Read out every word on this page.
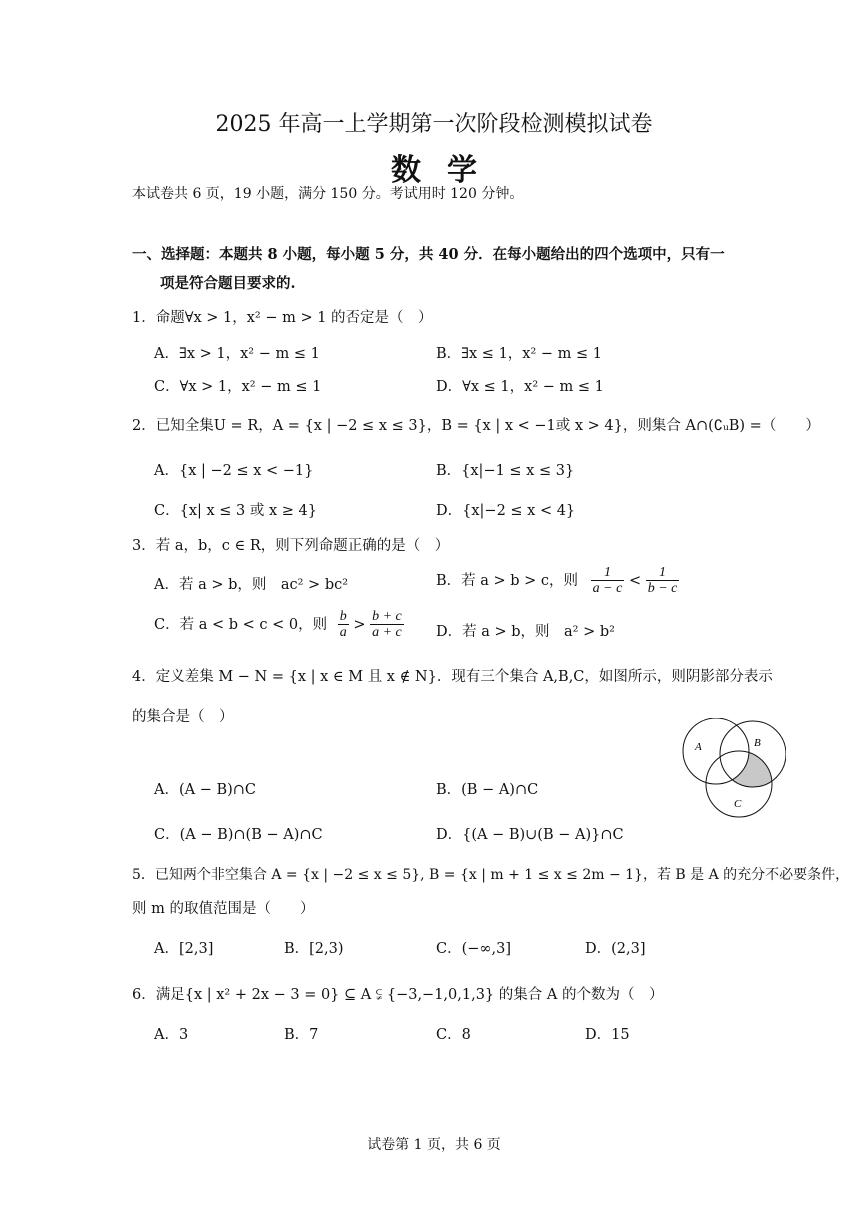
2025 年高一上学期第一次阶段检测模拟试卷
数学
本试卷共 6 页，19 小题，满分 150 分。考试用时 120 分钟。
一、选择题：本题共 8 小题，每小题 5 分，共 40 分．在每小题给出的四个选项中，只有一
项是符合题目要求的.
1．命题∀x > 1，x² − m > 1 的否定是（　）
A．∃x > 1，x² − m ≤ 1	B．∃x ≤ 1，x² − m ≤ 1
C．∀x > 1，x² − m ≤ 1	D．∀x ≤ 1，x² − m ≤ 1
2．已知全集U = R，A = {x | −2 ≤ x ≤ 3}，B = {x | x < −1或 x > 4}，则集合 A∩(∁ᵤB) =（　　）
A．{x | −2 ≤ x < −1}	B．{x|−1 ≤ x ≤ 3}
C．{x| x ≤ 3 或 x ≥ 4}	D．{x|−2 ≤ x < 4}
3．若 a，b，c ∈ R，则下列命题正确的是（　）
A．若 a > b，则　ac² > bc²	B．若 a > b > c，则 $\frac{1}{a - c} < \frac{1}{b - c}$
C．若 a < b < c < 0，则 $\frac{b}{a} > \frac{b + c}{a + c}$ D．若 a > b，则　a² > b²
4．定义差集 M − N = {x | x ∈ M 且 x ∉ N}．现有三个集合 A,B,C，如图所示，则阴影部分表示
的集合是（　）
A	B
C
A．(A − B)∩C	B．(B − A)∩C
C．(A − B)∩(B − A)∩C	D．{(A − B)∪(B − A)}∩C
5．已知两个非空集合 A = {x | −2 ≤ x ≤ 5}, B = {x | m + 1 ≤ x ≤ 2m − 1}，若 B 是 A 的充分不必要条件，
则 m 的取值范围是（　　）
A．[2,3]	B．[2,3)	C．(−∞,3]	D．(2,3]
6．满足{x | x² + 2x − 3 = 0} ⊆ A ⫋ {−3,−1,0,1,3} 的集合 A 的个数为（　）
A．3	B．7	C．8	D．15
试卷第 1 页，共 6 页
